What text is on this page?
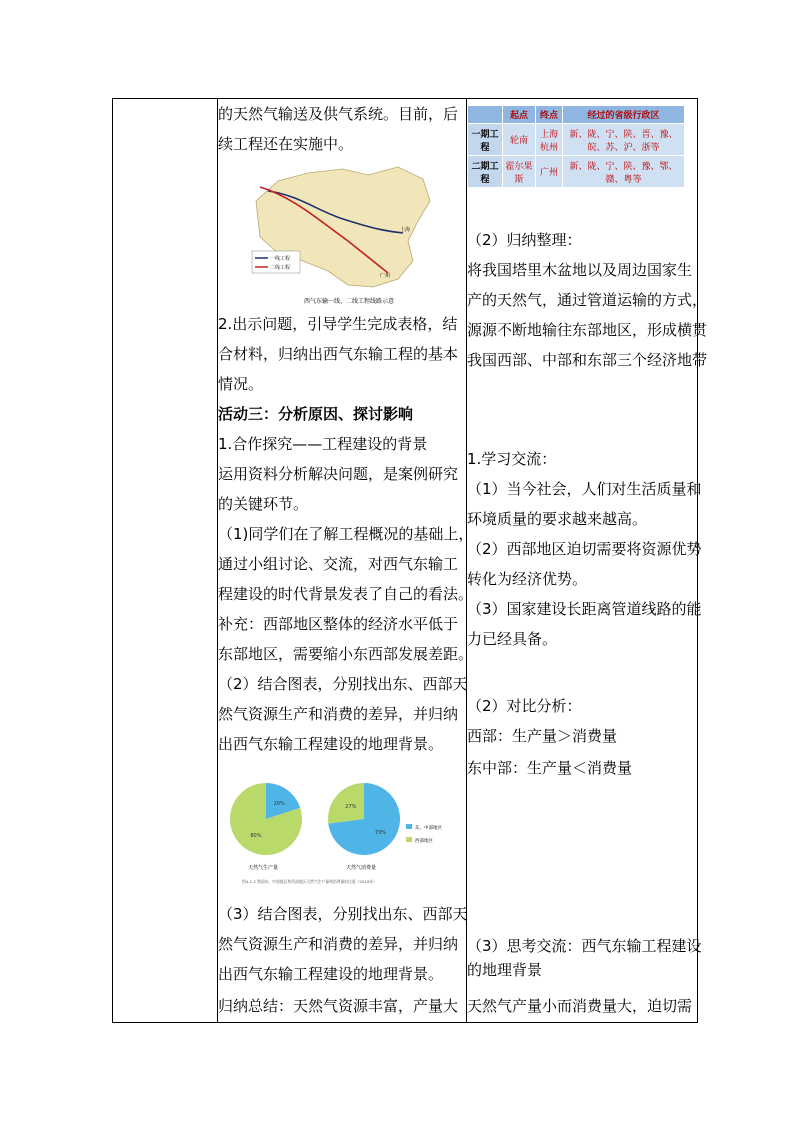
的天然气输送及供气系统。目前，后
续工程还在实施中。
一线工程
二线工程
上海
广州
西气东输一线、二线工程线路示意
2.出示问题，引导学生完成表格，结
合材料，归纳出西气东输工程的基本
情况。
活动三：分析原因、探讨影响
1.合作探究——工程建设的背景
运用资料分析解决问题，是案例研究
的关键环节。
（1)同学们在了解工程概况的基础上，
通过小组讨论、交流，对西气东输工
程建设的时代背景发表了自己的看法。
补充：西部地区整体的经济水平低于
东部地区，需要缩小东西部发展差距。
（2）结合图表，分别找出东、西部天
然气资源生产和消费的差异，并归纳
出西气东输工程建设的地理背景。
20%
80%	73%
27%
天然气生产量	天然气消费量
东、中部地区
西部地区
图4-1-2 我国东、中部地区和西部地区天然气生产量和消费量的比重（2019年）
（3）结合图表，分别找出东、西部天
然气资源生产和消费的差异，并归纳
出西气东输工程建设的地理背景。
归纳总结：天然气资源丰富，产量大
	起点	终点	经过的省级行政区
一期工程	轮南	上海 杭州	新、陇、宁、陕、晋、豫、皖、苏、沪、浙等
二期工程	霍尔果斯	广州	新、陇、宁、陕、豫、鄂、赣、粤等
（2）归纳整理：
将我国塔里木盆地以及周边国家生
产的天然气，通过管道运输的方式，
源源不断地输往东部地区，形成横贯
我国西部、中部和东部三个经济地带
1.学习交流：
（1）当今社会，人们对生活质量和
环境质量的要求越来越高。
（2）西部地区迫切需要将资源优势
转化为经济优势。
（3）国家建设长距离管道线路的能
力已经具备。
（2）对比分析：
西部：生产量＞消费量
东中部：生产量＜消费量
（3）思考交流：西气东输工程建设
的地理背景
天然气产量小而消费量大，迫切需
